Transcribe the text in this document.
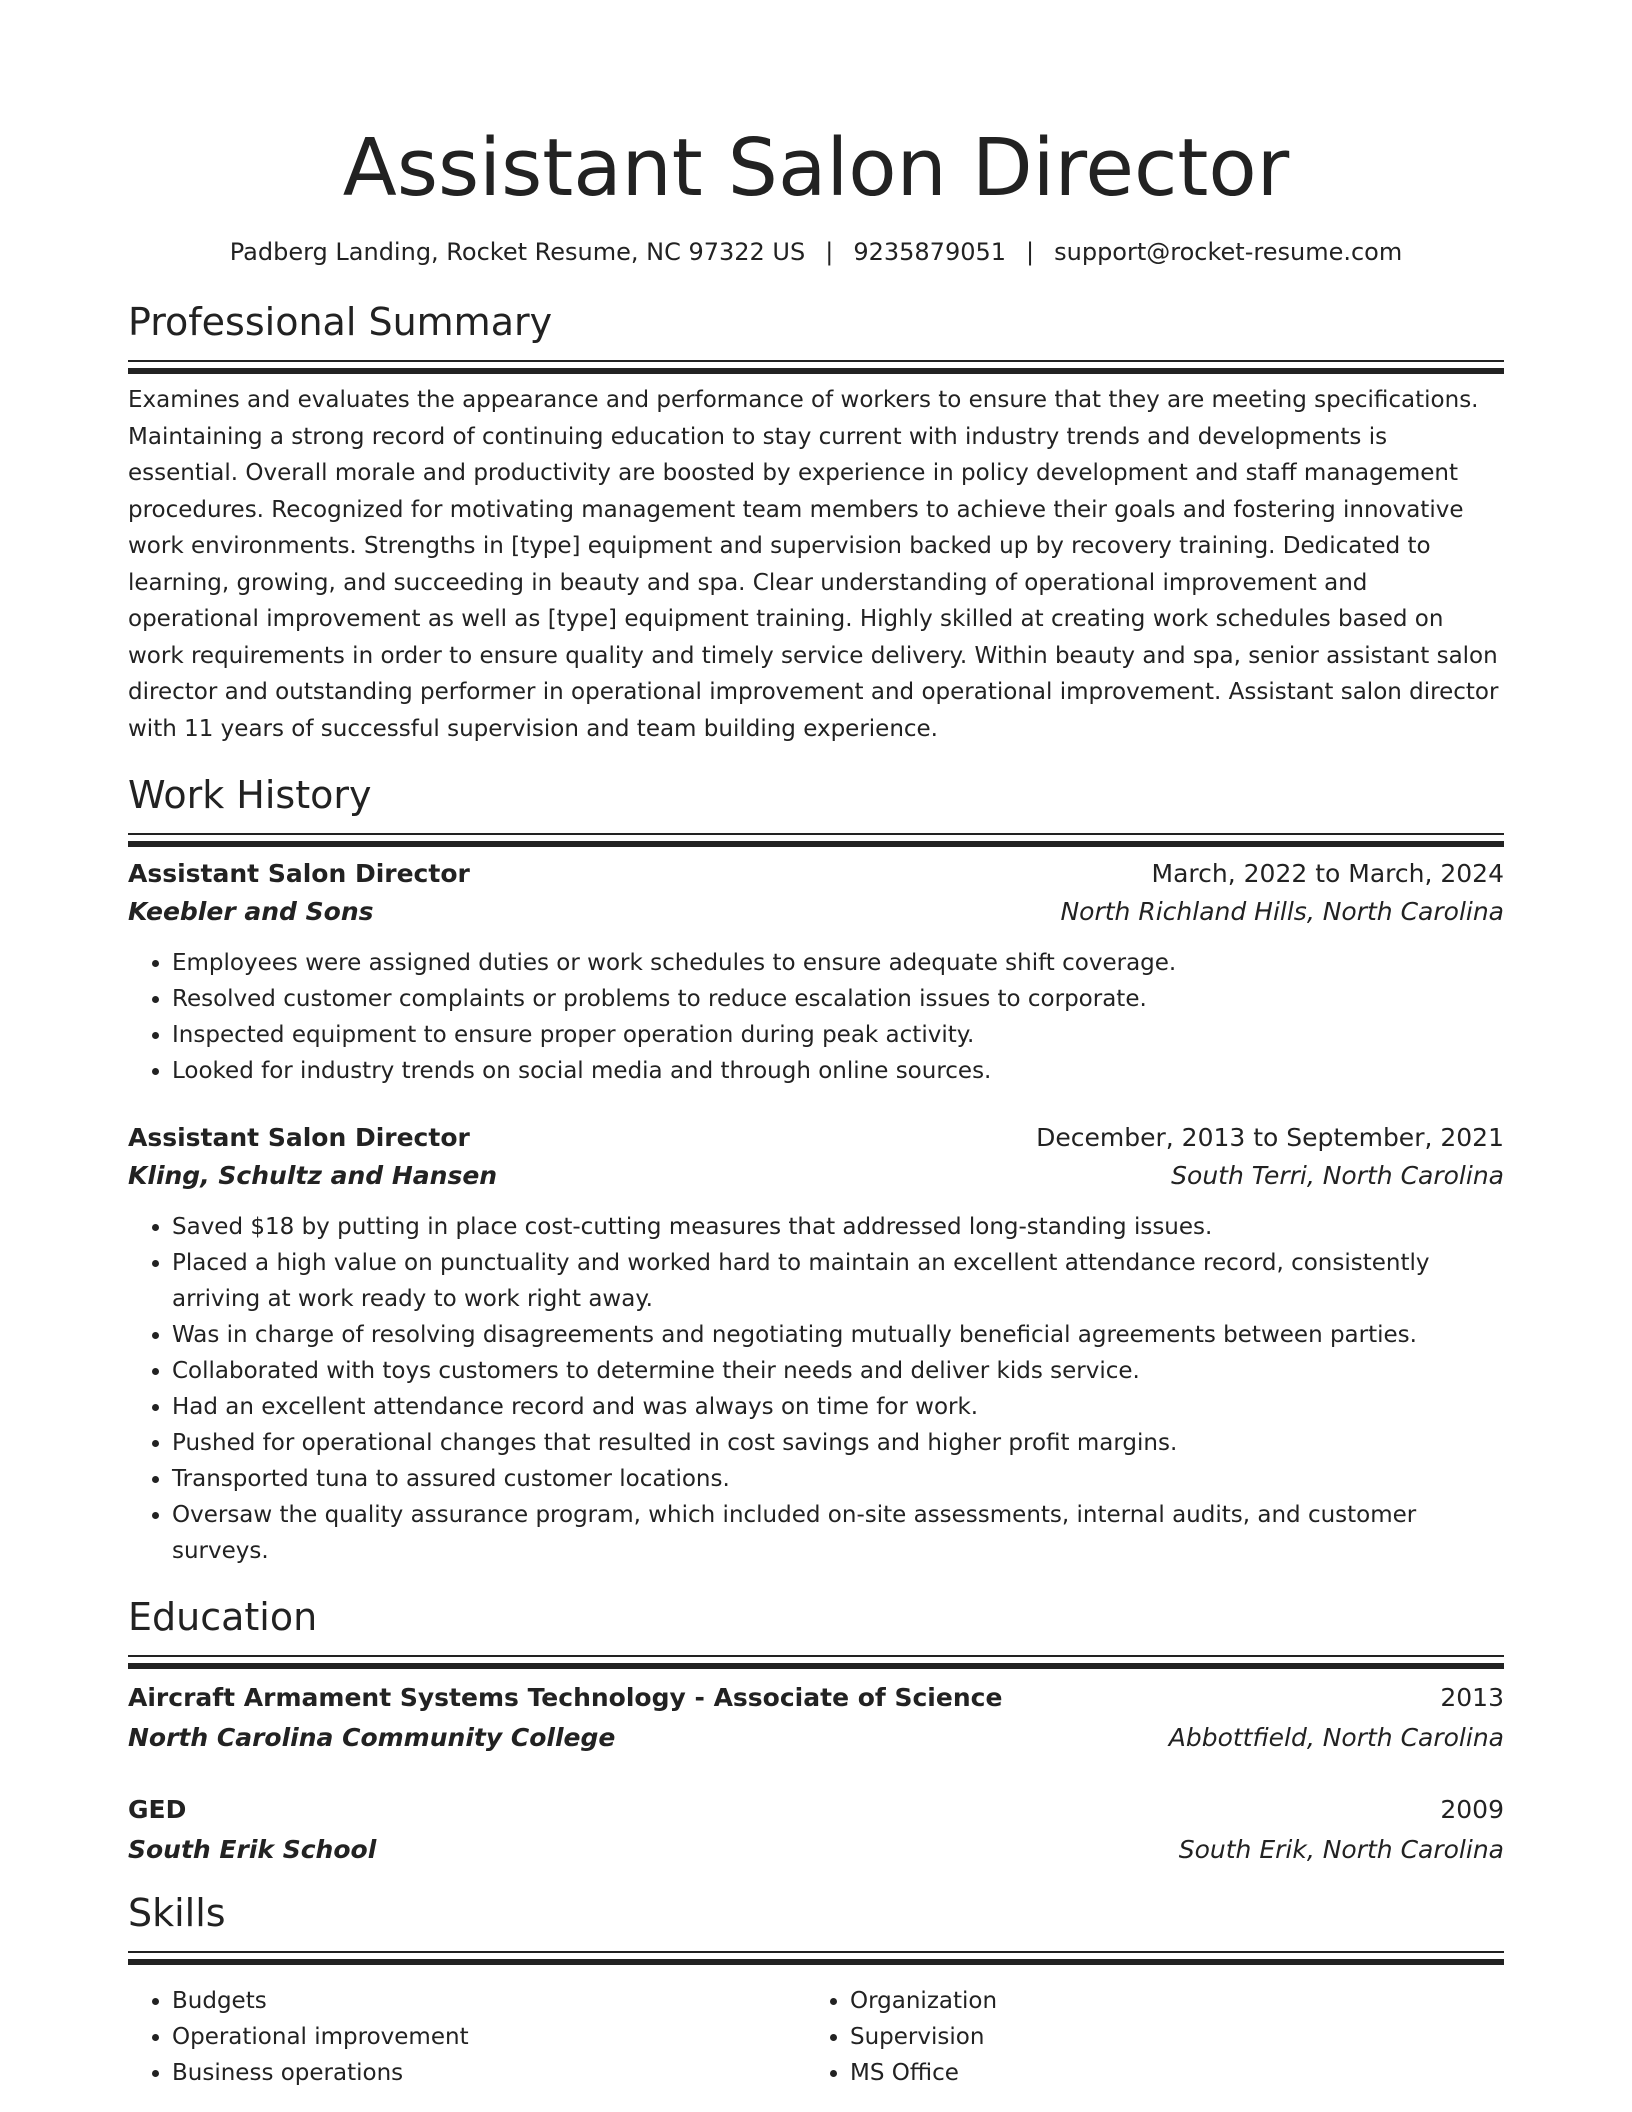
Assistant Salon Director
Padberg Landing, Rocket Resume, NC 97322 US | 9235879051 | support@rocket-resume.com
Professional Summary
Examines and evaluates the appearance and performance of workers to ensure that they are meeting specifications. Maintaining a strong record of continuing education to stay current with industry trends and developments is essential. Overall morale and productivity are boosted by experience in policy development and staff management procedures. Recognized for motivating management team members to achieve their goals and fostering innovative work environments. Strengths in [type] equipment and supervision backed up by recovery training. Dedicated to learning, growing, and succeeding in beauty and spa. Clear understanding of operational improvement and operational improvement as well as [type] equipment training. Highly skilled at creating work schedules based on work requirements in order to ensure quality and timely service delivery. Within beauty and spa, senior assistant salon director and outstanding performer in operational improvement and operational improvement. Assistant salon director with 11 years of successful supervision and team building experience.
Work History
Assistant Salon Director	March, 2022 to March, 2024
Keebler and Sons	North Richland Hills, North Carolina
• Employees were assigned duties or work schedules to ensure adequate shift coverage.
• Resolved customer complaints or problems to reduce escalation issues to corporate.
• Inspected equipment to ensure proper operation during peak activity.
• Looked for industry trends on social media and through online sources.
Assistant Salon Director	December, 2013 to September, 2021
Kling, Schultz and Hansen	South Terri, North Carolina
• Saved $18 by putting in place cost-cutting measures that addressed long-standing issues.
• Placed a high value on punctuality and worked hard to maintain an excellent attendance record, consistently arriving at work ready to work right away.
• Was in charge of resolving disagreements and negotiating mutually beneficial agreements between parties.
• Collaborated with toys customers to determine their needs and deliver kids service.
• Had an excellent attendance record and was always on time for work.
• Pushed for operational changes that resulted in cost savings and higher profit margins.
• Transported tuna to assured customer locations.
• Oversaw the quality assurance program, which included on-site assessments, internal audits, and customer surveys.
Education
Aircraft Armament Systems Technology - Associate of Science	2013
North Carolina Community College	Abbottfield, North Carolina
GED	2009
South Erik School	South Erik, North Carolina
Skills
• Budgets
• Operational improvement
• Business operations
• Organization
• Supervision
• MS Office
